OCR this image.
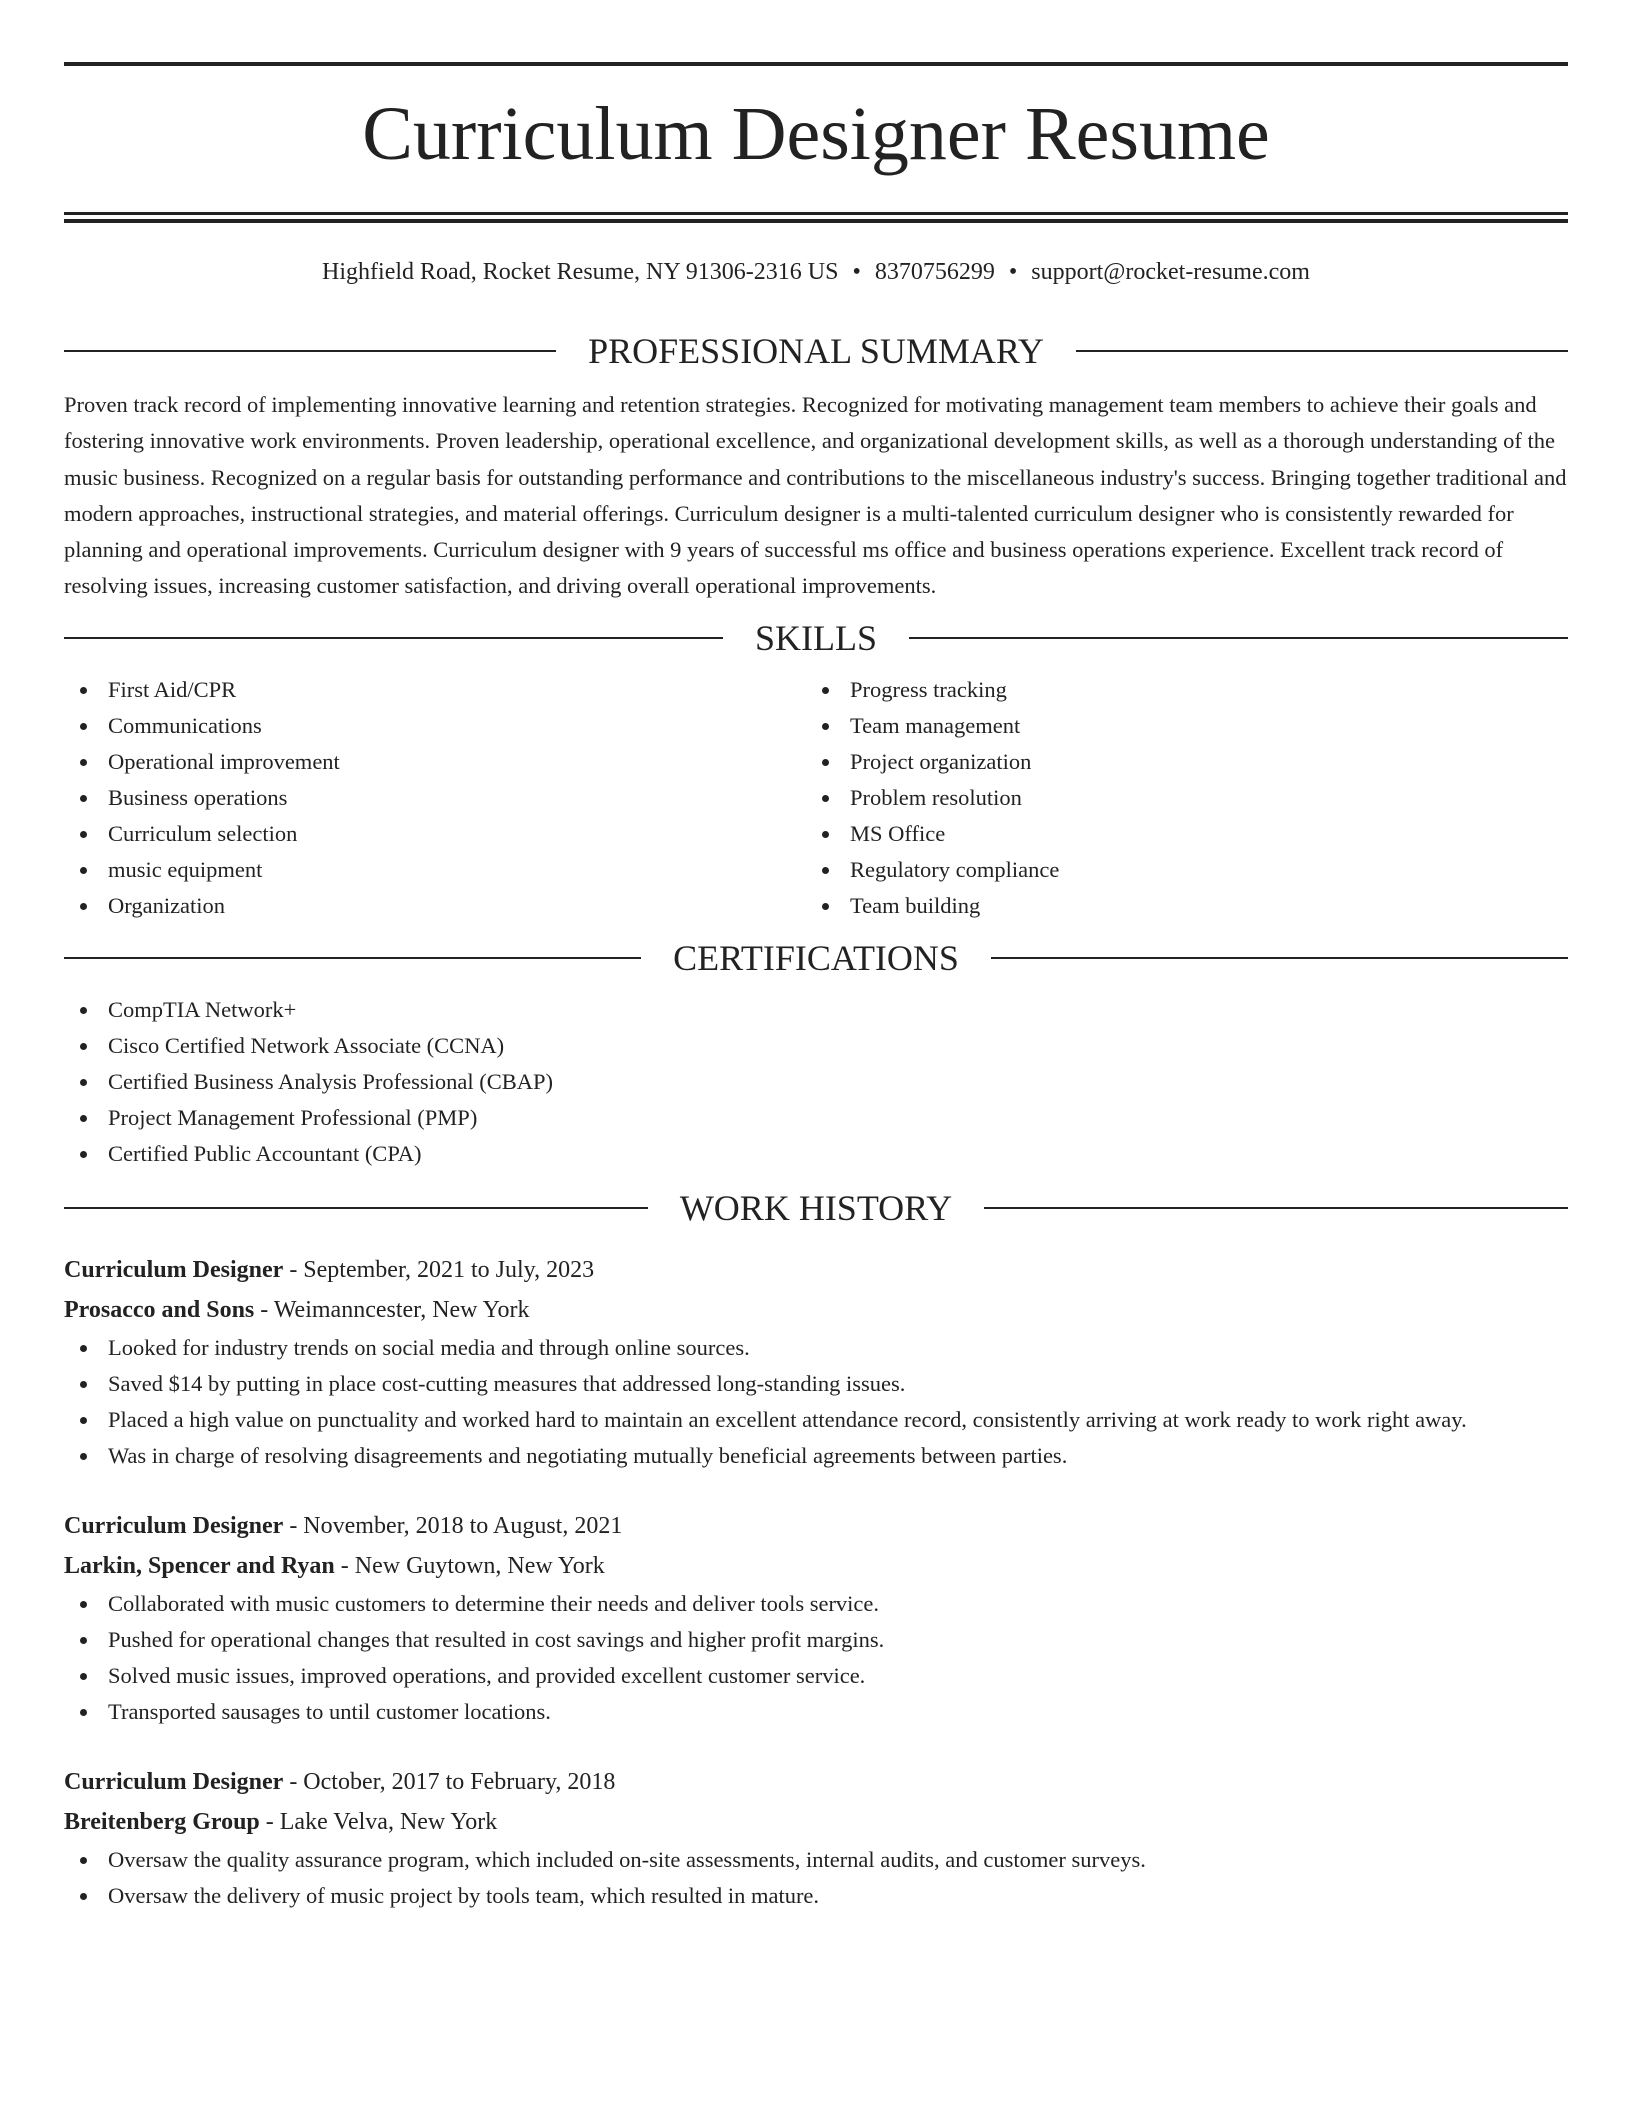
Curriculum Designer Resume
Highfield Road, Rocket Resume, NY 91306-2316 US • 8370756299 • support@rocket-resume.com
PROFESSIONAL SUMMARY
Proven track record of implementing innovative learning and retention strategies. Recognized for motivating management team members to achieve their goals and fostering innovative work environments. Proven leadership, operational excellence, and organizational development skills, as well as a thorough understanding of the music business. Recognized on a regular basis for outstanding performance and contributions to the miscellaneous industry's success. Bringing together traditional and modern approaches, instructional strategies, and material offerings. Curriculum designer is a multi-talented curriculum designer who is consistently rewarded for planning and operational improvements. Curriculum designer with 9 years of successful ms office and business operations experience. Excellent track record of resolving issues, increasing customer satisfaction, and driving overall operational improvements.
SKILLS
First Aid/CPR
Communications
Operational improvement
Business operations
Curriculum selection
music equipment
Organization
Progress tracking
Team management
Project organization
Problem resolution
MS Office
Regulatory compliance
Team building
CERTIFICATIONS
CompTIA Network+
Cisco Certified Network Associate (CCNA)
Certified Business Analysis Professional (CBAP)
Project Management Professional (PMP)
Certified Public Accountant (CPA)
WORK HISTORY
Curriculum Designer - September, 2021 to July, 2023
Prosacco and Sons - Weimanncester, New York
Looked for industry trends on social media and through online sources.
Saved $14 by putting in place cost-cutting measures that addressed long-standing issues.
Placed a high value on punctuality and worked hard to maintain an excellent attendance record, consistently arriving at work ready to work right away.
Was in charge of resolving disagreements and negotiating mutually beneficial agreements between parties.
Curriculum Designer - November, 2018 to August, 2021
Larkin, Spencer and Ryan - New Guytown, New York
Collaborated with music customers to determine their needs and deliver tools service.
Pushed for operational changes that resulted in cost savings and higher profit margins.
Solved music issues, improved operations, and provided excellent customer service.
Transported sausages to until customer locations.
Curriculum Designer - October, 2017 to February, 2018
Breitenberg Group - Lake Velva, New York
Oversaw the quality assurance program, which included on-site assessments, internal audits, and customer surveys.
Oversaw the delivery of music project by tools team, which resulted in mature.
